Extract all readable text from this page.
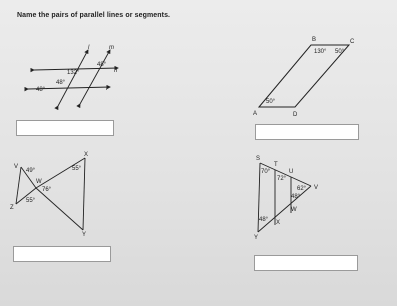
Name the pairs of parallel lines or segments.
l	m
n
r
48°
132°
48°
48°
A
B	C
D
130° 50°
50°
V
W
X
Y
Z
49°	55°
76°
55°
S
T
U
V
W
X
Y
70°
72°
62°
48°
48°
